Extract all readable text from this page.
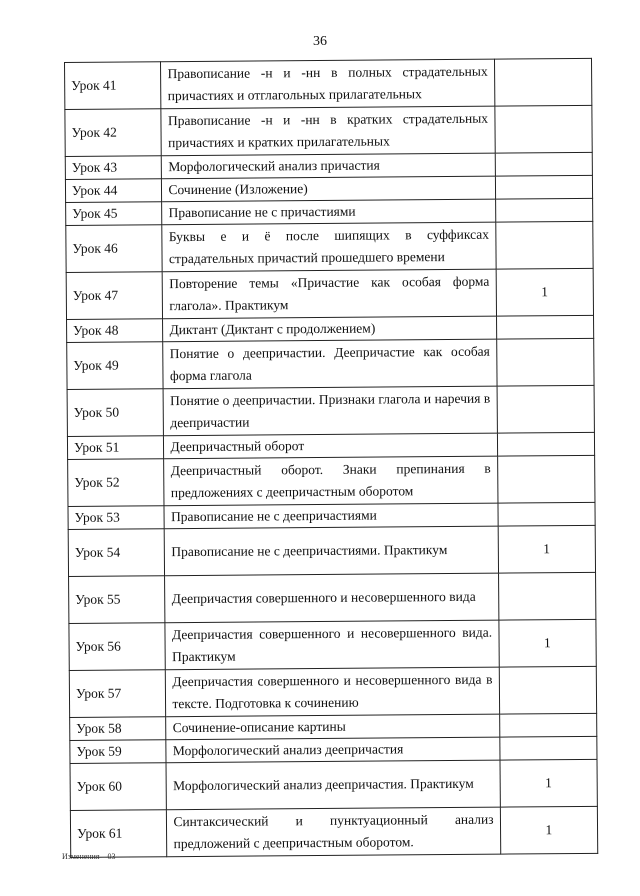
36
Урок 41	Правописание -н и -нн в полных страдательных причастиях и отглагольных прилагательных	
Урок 42	Правописание -н и -нн в кратких страдательных причастиях и кратких прилагательных	
Урок 43	Морфологический анализ причастия	
Урок 44	Сочинение (Изложение)	
Урок 45	Правописание не с причастиями	
Урок 46	Буквы е и ё после шипящих в суффиксах страдательных причастий прошедшего времени	
Урок 47	Повторение темы «Причастие как особая форма глагола». Практикум	1
Урок 48	Диктант (Диктант с продолжением)	
Урок 49	Понятие о деепричастии. Деепричастие как особая форма глагола	
Урок 50	Понятие о деепричастии. Признаки глагола и наречия в деепричастии	
Урок 51	Деепричастный оборот	
Урок 52	Деепричастный оборот. Знаки препинания в предложениях с деепричастным оборотом	
Урок 53	Правописание не с деепричастиями	
Урок 54	Правописание не с деепричастиями. Практикум	1
Урок 55	Деепричастия совершенного и несовершенного вида	
Урок 56	Деепричастия совершенного и несовершенного вида. Практикум	1
Урок 57	Деепричастия совершенного и несовершенного вида в тексте. Подготовка к сочинению	
Урок 58	Сочинение-описание картины	
Урок 59	Морфологический анализ деепричастия	
Урок 60	Морфологический анализ деепричастия. Практикум	1
Урок 61	Синтаксический и пунктуационный анализ предложений с деепричастным оборотом.	1
Изменения – 03
